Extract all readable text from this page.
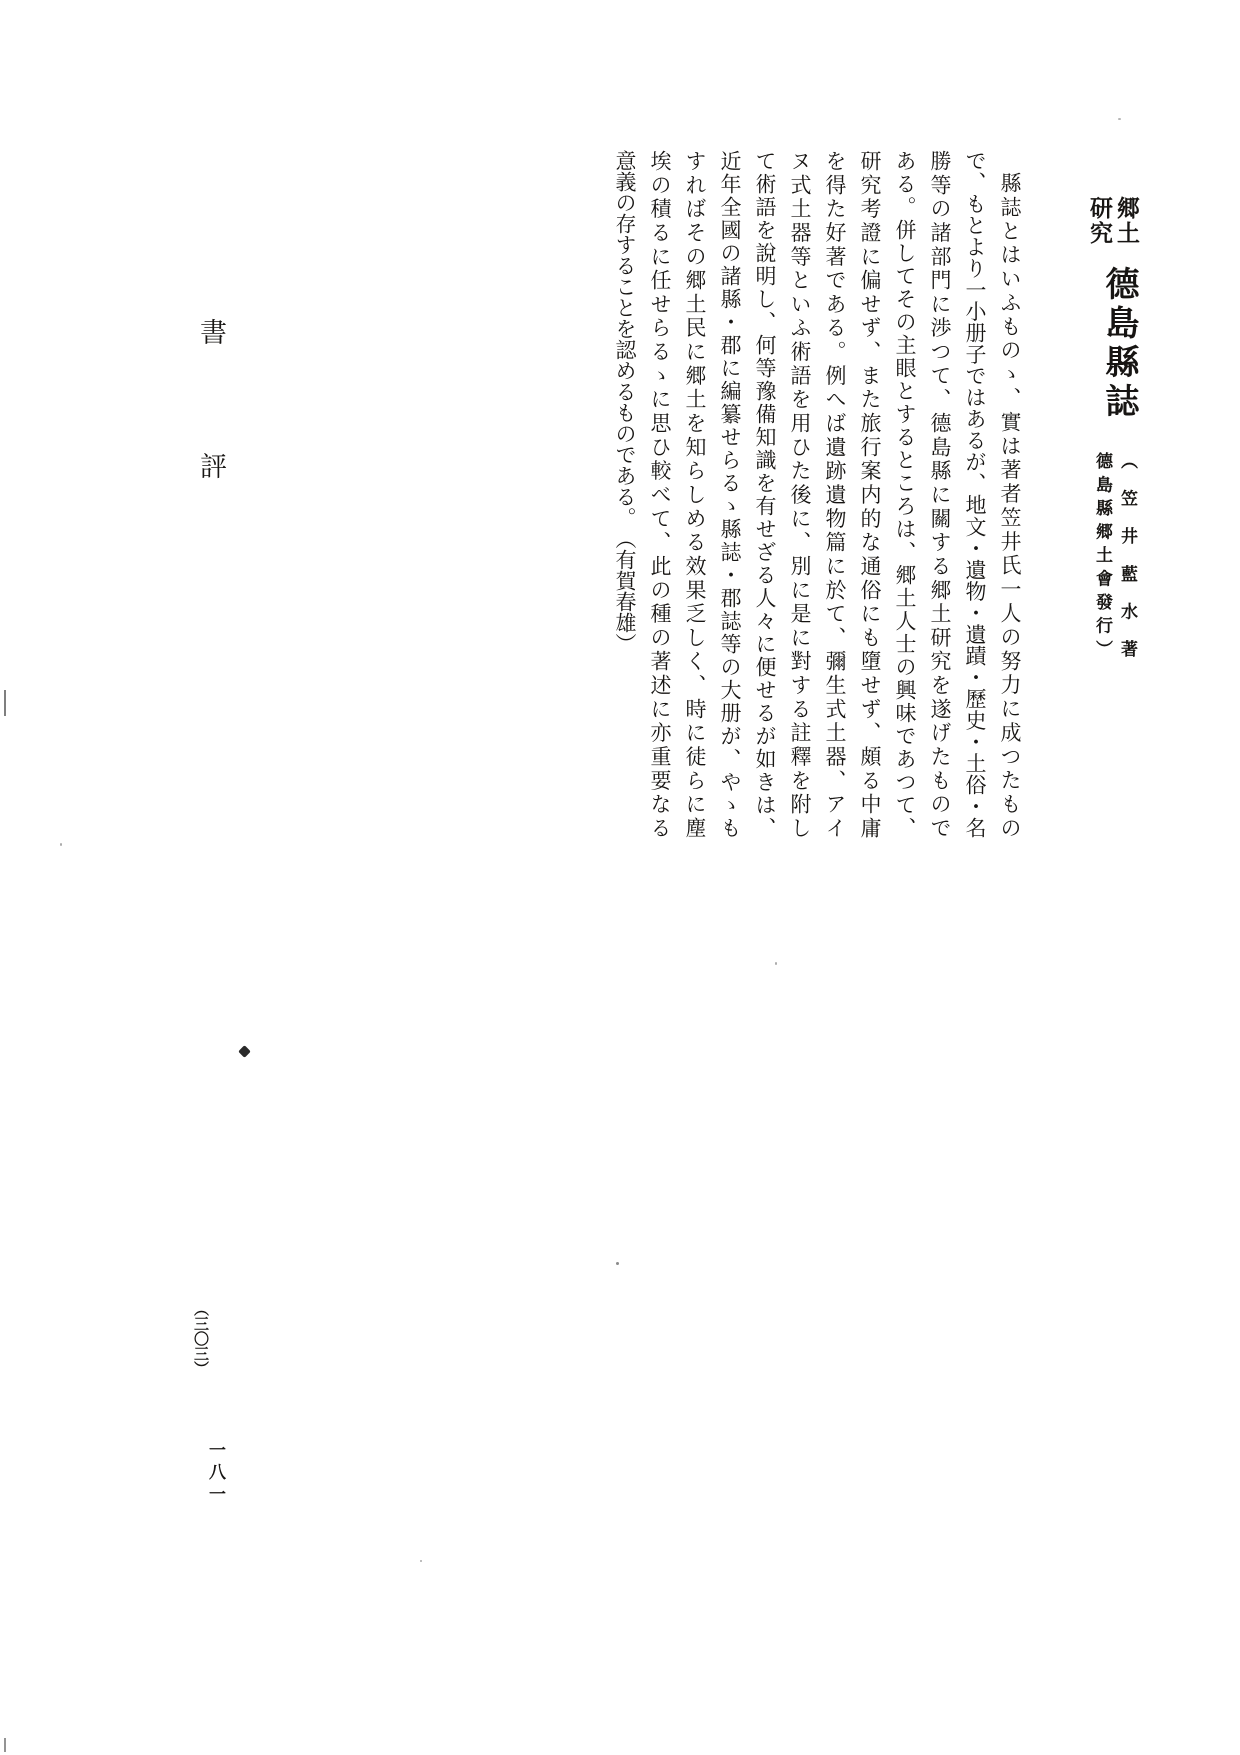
郷土
研究
德島縣誌
︵笠井藍水著
德島縣郷土會發行︶
縣誌とはいふものゝ、實は著者笠井氏一人の努力に成つたもの
で、もとより一小册子ではあるが、地文・遺物・遺蹟・歷史・土俗・名
勝等の諸部門に渉つて、德島縣に關する郷土研究を遂げたもので
ある。併してその主眼とするところは、郷土人士の興味であつて、
研究考證に偏せず、また旅行案内的な通俗にも墮せず、頗る中庸
を得た好著である。例へば遺跡遺物篇に於て、彌生式土器、アイ
ヌ式土器等といふ術語を用ひた後に、別に是に對する註釋を附し
て術語を說明し、何等豫備知識を有せざる人々に便せるが如きは、
近年全國の諸縣・郡に編纂せらるゝ縣誌・郡誌等の大册が、やゝも
すればその郷土民に郷土を知らしめる效果乏しく、時に徒らに塵
埃の積るに任せらるゝに思ひ較べて、此の種の著述に亦重要なる
意義の存することを認めるものである。︵有賀春雄︶
書 評
︵三〇三︶
一八一
